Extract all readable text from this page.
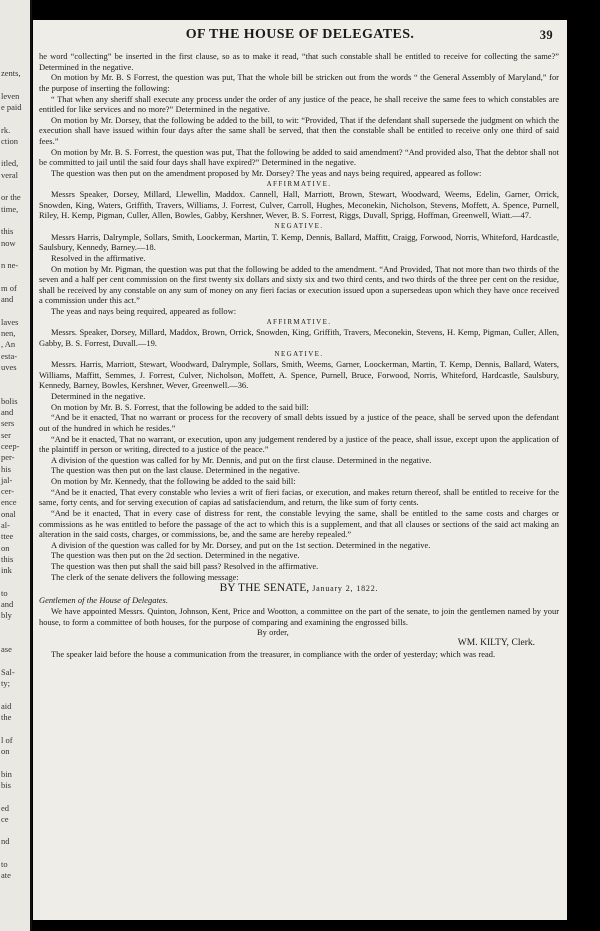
zents,
leven
e paid
rk.
ction
itled,
veral
or the
time,
this
now
n ne-
m of
and
laves
nen,
, An
esta-
uves
bolis
and
sers
ser
ceep-
per-
his
jal-
cer-
ence
onal
al-
ttee
on
this
ink
to
and
bly
ase
Sal-
ty;
aid
the
l of
on
bin
bis
ed
ce
nd
to
ate
OF THE HOUSE OF DELEGATES.	39

he word “collecting” be inserted in the first clause, so as to make it read, “that such constable shall be entitled to receive for collecting the same?” Determined in the negative.

On motion by Mr. B. S Forrest, the question was put, That the whole bill be stricken out from the words “ the General Assembly of Maryland,” for the purpose of inserting the following:

“ That when any sheriff shall execute any process under the order of any justice of the peace, he shall receive the same fees to which constables are entitled for like services and no more?” Determined in the negative.

On motion by Mr. Dorsey, that the following be added to the bill, to wit: “Provided, That if the defendant shall supersede the judgment on which the execution shall have issued within four days after the same shall be served, that then the constable shall be entitled to receive only one third of said fees.”

On motion by Mr. B. S. Forrest, the question was put, That the following be added to said amendment? “And provided also, That the debtor shall not be committed to jail until the said four days shall have expired?” Determined in the negative.

The question was then put on the amendment proposed by Mr. Dorsey? The yeas and nays being required, appeared as follow:

AFFIRMATIVE.

Messrs Speaker, Dorsey, Millard, Llewellin, Maddox. Cannell, Hall, Marriott, Brown, Stewart, Woodward, Weems, Edelin, Garner, Orrick, Snowden, King, Waters, Griffith, Travers, Williams, J. Forrest, Culver, Carroll, Hughes, Meconekin, Nicholson, Stevens, Moffett, A. Spence, Purnell, Riley, H. Kemp, Pigman, Culler, Allen, Bowles, Gabby, Kershner, Wever, B. S. Forrest, Riggs, Duvall, Sprigg, Hoffman, Greenwell, Wiatt.—47.

NEGATIVE.

Messrs Harris, Dalrymple, Sollars, Smith, Loockerman, Martin, T. Kemp, Dennis, Ballard, Maffitt, Craigg, Forwood, Norris, Whiteford, Hardcastle, Saulsbury, Kennedy, Barney.—18.

Resolved in the affirmative.

On motion by Mr. Pigman, the question was put that the following be added to the amendment. “And Provided, That not more than two thirds of the seven and a half per cent commission on the first twenty six dollars and sixty six and two third cents, and two thirds of the three per cent on the residue, shall be received by any constable on any sum of money on any fieri facias or execution issued upon a supersedeas upon which they have once received a commission under this act.”

The yeas and nays being required, appeared as follow:

AFFIRMATIVE.

Messrs. Speaker, Dorsey, Millard, Maddox, Brown, Orrick, Snowden, King, Griffith, Travers, Meconekin, Stevens, H. Kemp, Pigman, Culler, Allen, Gabby, B. S. Forrest, Duvall.—19.

NEGATIVE.

Messrs. Harris, Marriott, Stewart, Woodward, Dalrymple, Sollars, Smith, Weems, Garner, Loockerman, Martin, T. Kemp, Dennis, Ballard, Waters, Williams, Maffitt, Semmes, J. Forrest, Culver, Nicholson, Moffett, A. Spence, Purnell, Bruce, Forwood, Norris, Whiteford, Hardcastle, Saulsbury, Kennedy, Barney, Bowles, Kershner, Wever, Greenwell.—36.

Determined in the negative.

On motion by Mr. B. S. Forrest, that the following be added to the said bill:

“And be it enacted, That no warrant or process for the recovery of small debts issued by a justice of the peace, shall be served upon the defendant out of the hundred in which he resides.”

“And be it enacted, That no warrant, or execution, upon any judgement rendered by a justice of the peace, shall issue, except upon the application of the plaintiff in person or writing, directed to a justice of the peace.”

A division of the question was called for by Mr. Dennis, and put on the first clause. Determined in the negative.

The question was then put on the last clause. Determined in the negative.

On motion by Mr. Kennedy, that the following be added to the said bill:

“And be it enacted, That every constable who levies a writ of fieri facias, or execution, and makes return thereof, shall be entitled to receive for the same, forty cents, and for serving execution of capias ad satisfaciendum, and return, the like sum of forty cents.

“And be it enacted, That in every case of distress for rent, the constable levying the same, shall be entitled to the same costs and charges or commissions as he was entitled to before the passage of the act to which this is a supplement, and that all clauses or sections of the said act making an alteration in the said costs, charges, or commissions, be, and the same are hereby repealed.”

A division of the question was called for by Mr. Dorsey, and put on the 1st section. Determined in the negative.

The question was then put on the 2d section. Determined in the negative.

The question was then put shall the said bill pass? Resolved in the affirmative.

The clerk of the senate delivers the following message:

BY THE SENATE, January 2, 1822.

Gentlemen of the House of Delegates.

We have appointed Messrs. Quinton, Johnson, Kent, Price and Wootton, a committee on the part of the senate, to join the gentlemen named by your house, to form a committee of both houses, for the purpose of comparing and examining the engrossed bills.

By order,

WM. KILTY, Clerk.

The speaker laid before the house a communication from the treasurer, in compliance with the order of yesterday; which was read.
